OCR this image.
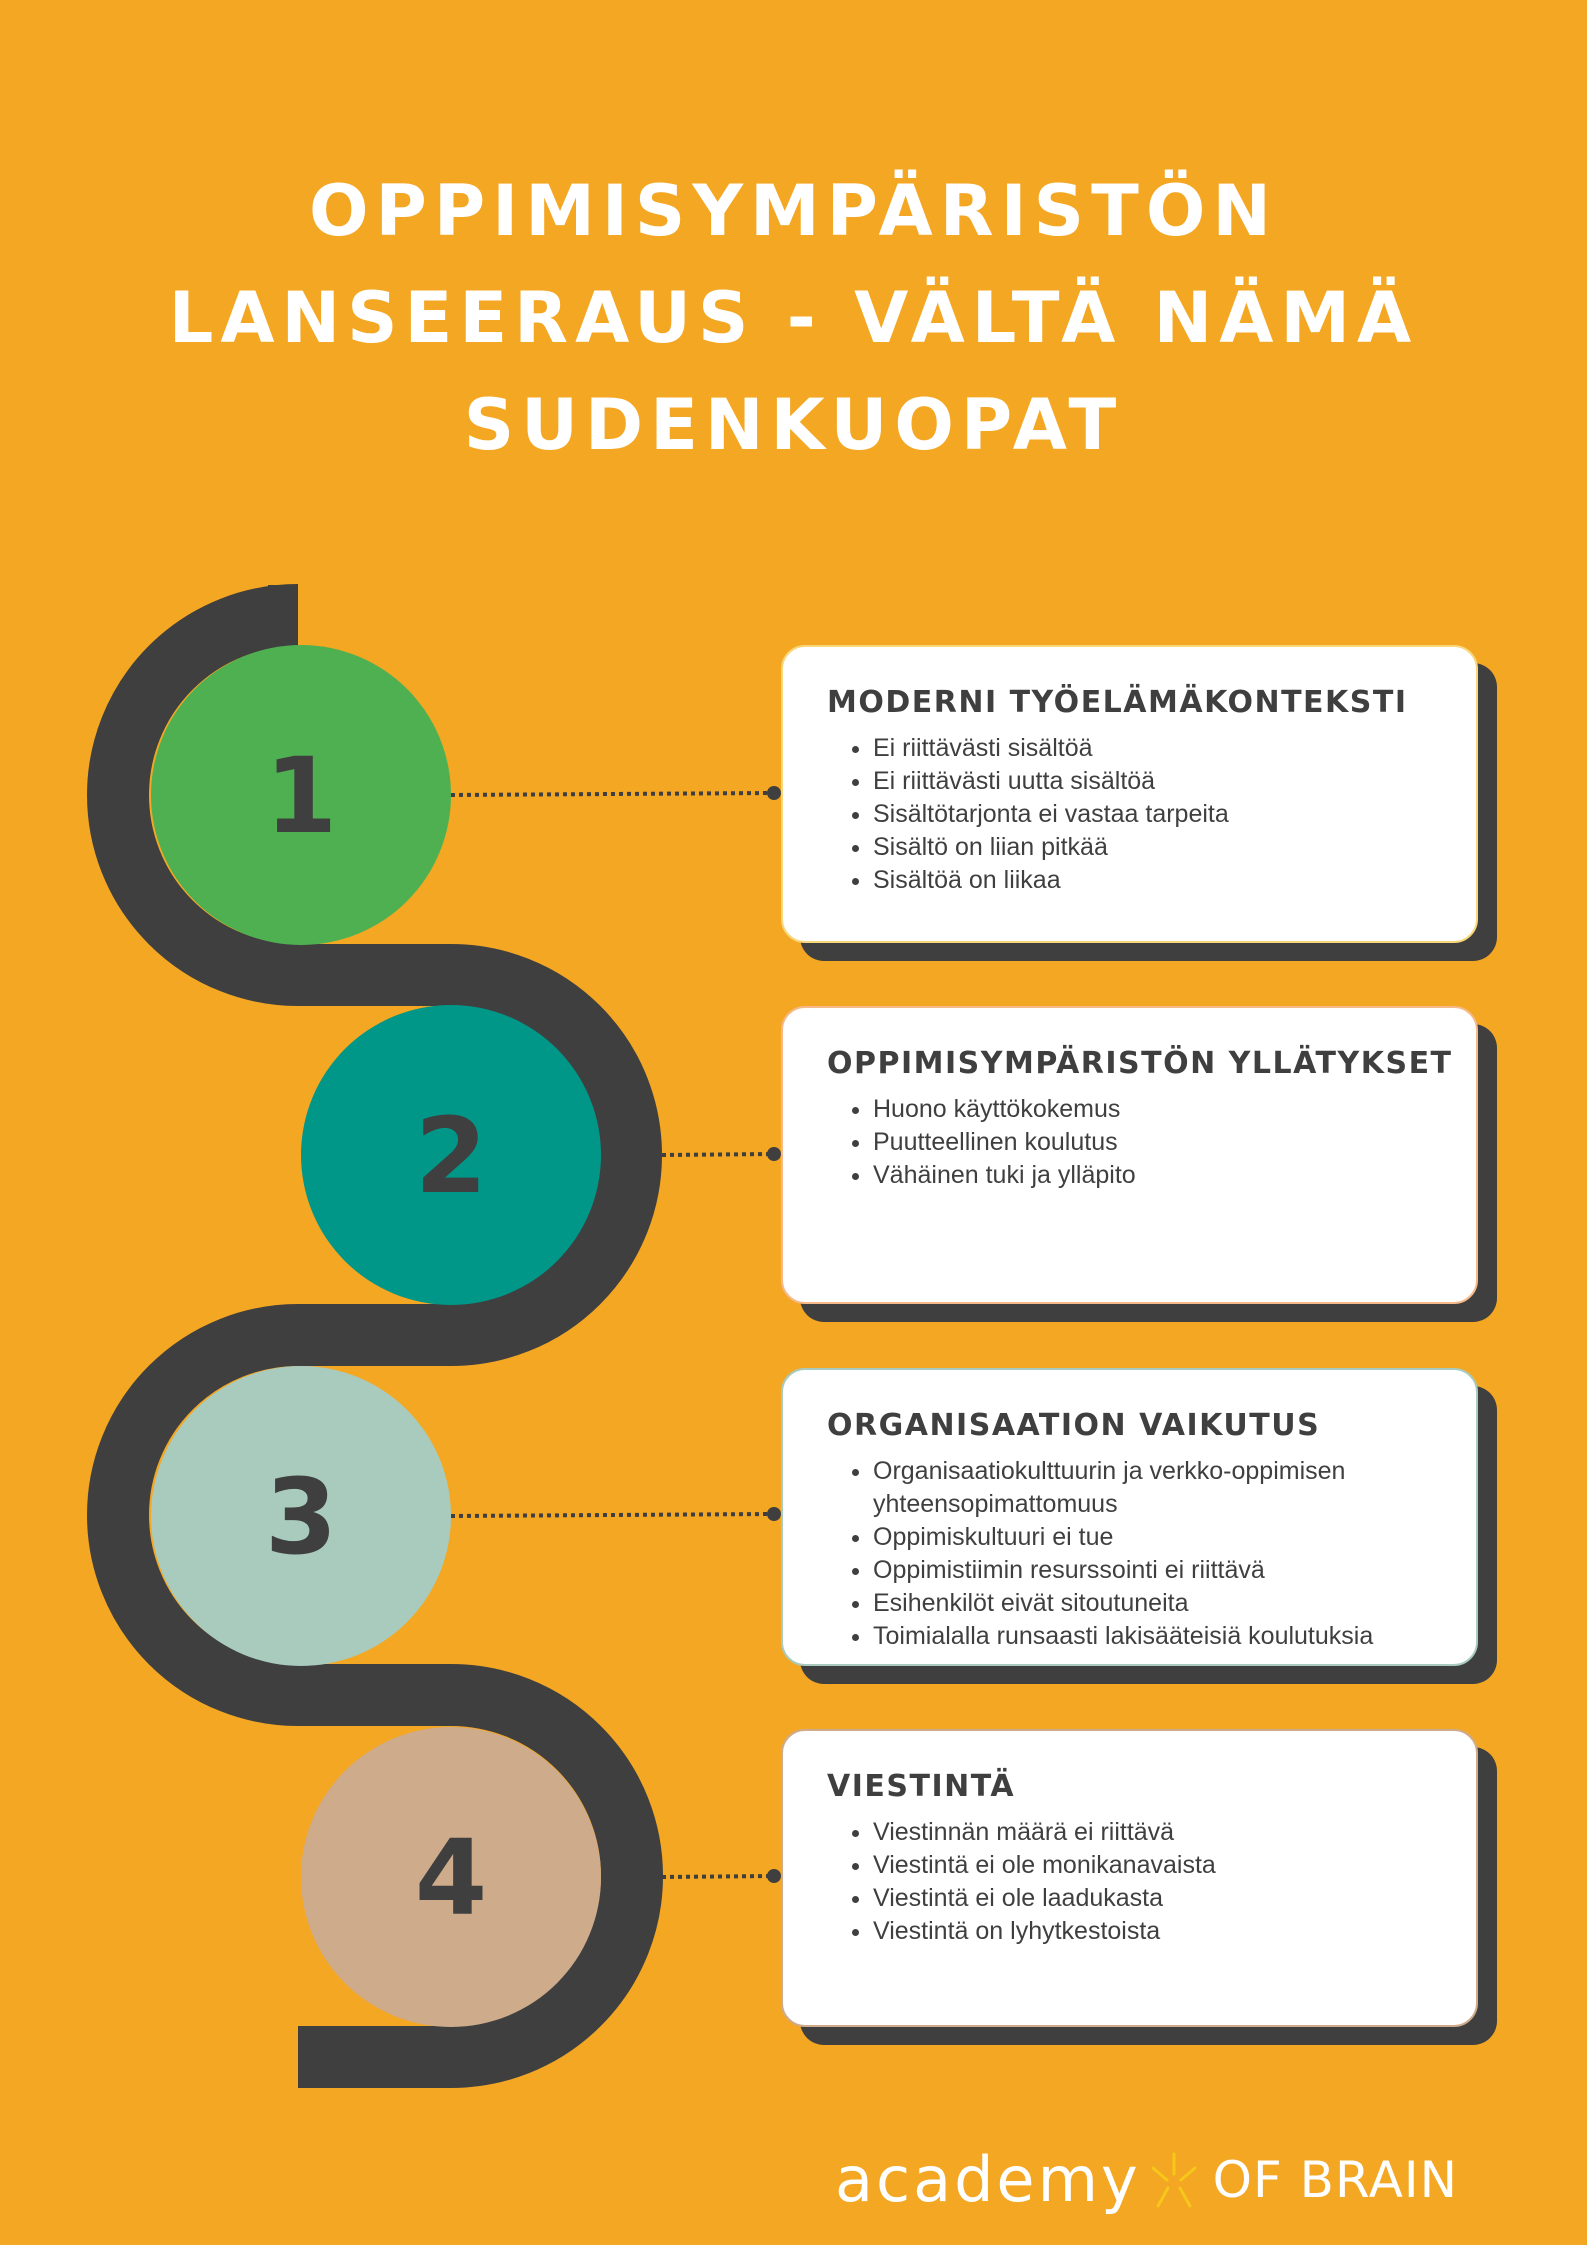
OPPIMISYMPÄRISTÖN
LANSEERAUS - VÄLTÄ NÄMÄ
SUDENKUOPAT
1
2
3
4
MODERNI TYÖELÄMÄKONTEKSTI
• Ei riittävästi sisältöä
• Ei riittävästi uutta sisältöä
• Sisältötarjonta ei vastaa tarpeita
• Sisältö on liian pitkää
• Sisältöä on liikaa
OPPIMISYMPÄRISTÖN YLLÄTYKSET
• Huono käyttökokemus
• Puutteellinen koulutus
• Vähäinen tuki ja ylläpito
ORGANISAATION VAIKUTUS
• Organisaatiokulttuurin ja verkko-oppimisen yhteensopimattomuus
• Oppimiskultuuri ei tue
• Oppimistiimin resurssointi ei riittävä
• Esihenkilöt eivät sitoutuneita
• Toimialalla runsaasti lakisääteisiä koulutuksia
VIESTINTÄ
• Viestinnän määrä ei riittävä
• Viestintä ei ole monikanavaista
• Viestintä ei ole laadukasta
• Viestintä on lyhytkestoista
academy OF BRAIN
